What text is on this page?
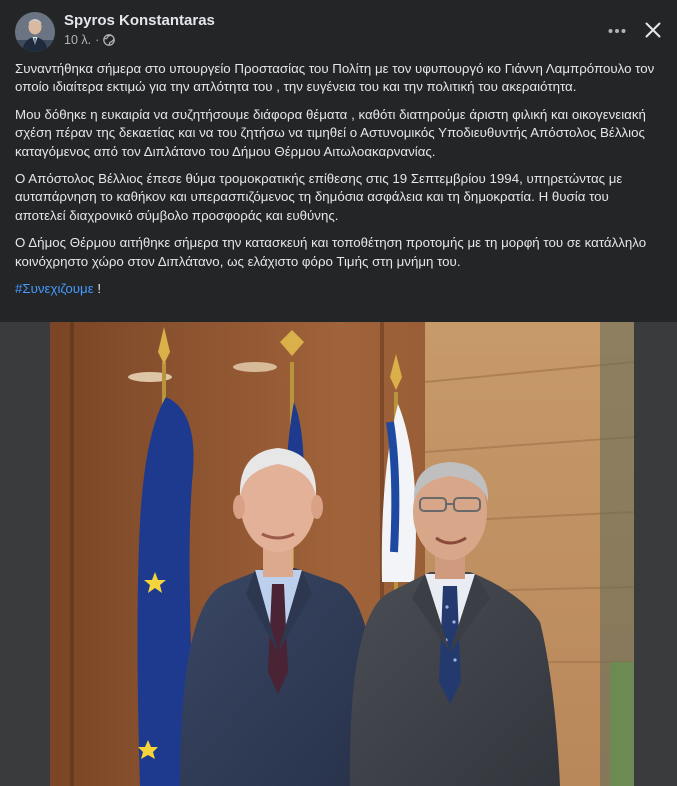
Spyros Konstantaras
10 λ. ·

Συναντήθηκα σήμερα στο υπουργείο Προστασίας του Πολίτη με τον υφυπουργό κο Γιάννη Λαμπρόπουλο τον οποίο ιδιαίτερα εκτιμώ για την απλότητα του , την ευγένεια του και την πολιτική του ακεραιότητα.

Μου δόθηκε η ευκαιρία να συζητήσουμε διάφορα θέματα , καθότι διατηρούμε άριστη φιλική και οικογενειακή σχέση πέραν της δεκαετίας και να του ζητήσω να τιμηθεί ο Αστυνομικός Υποδιευθυντής Απόστολος Βέλλιος καταγόμενος από τον Διπλάτανο του Δήμου Θέρμου Αιτωλοακαρνανίας.

Ο Απόστολος Βέλλιος έπεσε θύμα τρομοκρατικής επίθεσης στις 19 Σεπτεμβρίου 1994, υπηρετώντας με αυταπάρνηση το καθήκον και υπερασπιζόμενος τη δημόσια ασφάλεια και τη δημοκρατία. Η θυσία του αποτελεί διαχρονικό σύμβολο προσφοράς και ευθύνης.

Ο Δήμος Θέρμου αιτήθηκε σήμερα την κατασκευή και τοποθέτηση προτομής με τη μορφή του σε κατάλληλο κοινόχρηστο χώρο στον Διπλάτανο, ως ελάχιστο φόρο Τιμής στη μνήμη του.

#Συνεχιζουμε !
